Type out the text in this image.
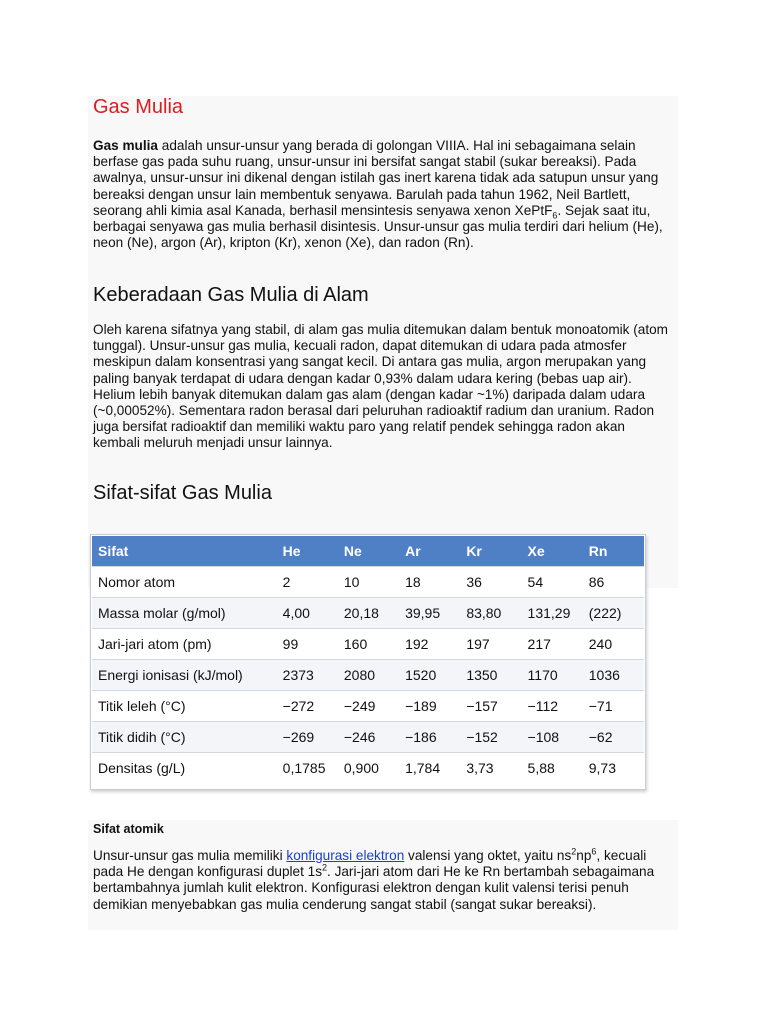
Gas Mulia

Gas mulia adalah unsur-unsur yang berada di golongan VIIIA. Hal ini sebagaimana selain berfase gas pada suhu ruang, unsur-unsur ini bersifat sangat stabil (sukar bereaksi). Pada awalnya, unsur-unsur ini dikenal dengan istilah gas inert karena tidak ada satupun unsur yang bereaksi dengan unsur lain membentuk senyawa. Barulah pada tahun 1962, Neil Bartlett, seorang ahli kimia asal Kanada, berhasil mensintesis senyawa xenon XePtF$_6$. Sejak saat itu, berbagai senyawa gas mulia berhasil disintesis. Unsur-unsur gas mulia terdiri dari helium (He), neon (Ne), argon (Ar), kripton (Kr), xenon (Xe), dan radon (Rn).

Keberadaan Gas Mulia di Alam

Oleh karena sifatnya yang stabil, di alam gas mulia ditemukan dalam bentuk monoatomik (atom tunggal). Unsur-unsur gas mulia, kecuali radon, dapat ditemukan di udara pada atmosfer meskipun dalam konsentrasi yang sangat kecil. Di antara gas mulia, argon merupakan yang paling banyak terdapat di udara dengan kadar 0,93% dalam udara kering (bebas uap air). Helium lebih banyak ditemukan dalam gas alam (dengan kadar ~1%) daripada dalam udara (~0,00052%). Sementara radon berasal dari peluruhan radioaktif radium dan uranium. Radon juga bersifat radioaktif dan memiliki waktu paro yang relatif pendek sehingga radon akan kembali meluruh menjadi unsur lainnya.

Sifat-sifat Gas Mulia
Sifat atomik

Unsur-unsur gas mulia memiliki konfigurasi elektron valensi yang oktet, yaitu $ns^2np^6$, kecuali pada He dengan konfigurasi duplet $1s^2$. Jari-jari atom dari He ke Rn bertambah sebagaimana bertambahnya jumlah kulit elektron. Konfigurasi elektron dengan kulit valensi terisi penuh demikian menyebabkan gas mulia cenderung sangat stabil (sangat sukar bereaksi).

Sifat	He	Ne	Ar	Kr	Xe	Rn
Nomor atom	2	10	18	36	54	86
Massa molar (g/mol)	4,00	20,18	39,95	83,80	131,29	(222)
Jari-jari atom (pm)	99	160	192	197	217	240
Energi ionisasi (kJ/mol)	2373	2080	1520	1350	1170	1036
Titik leleh (°C)	−272	−249	−189	−157	−112	−71
Titik didih (°C)	−269	−246	−186	−152	−108	−62
Densitas (g/L)	0,1785	0,900	1,784	3,73	5,88	9,73
